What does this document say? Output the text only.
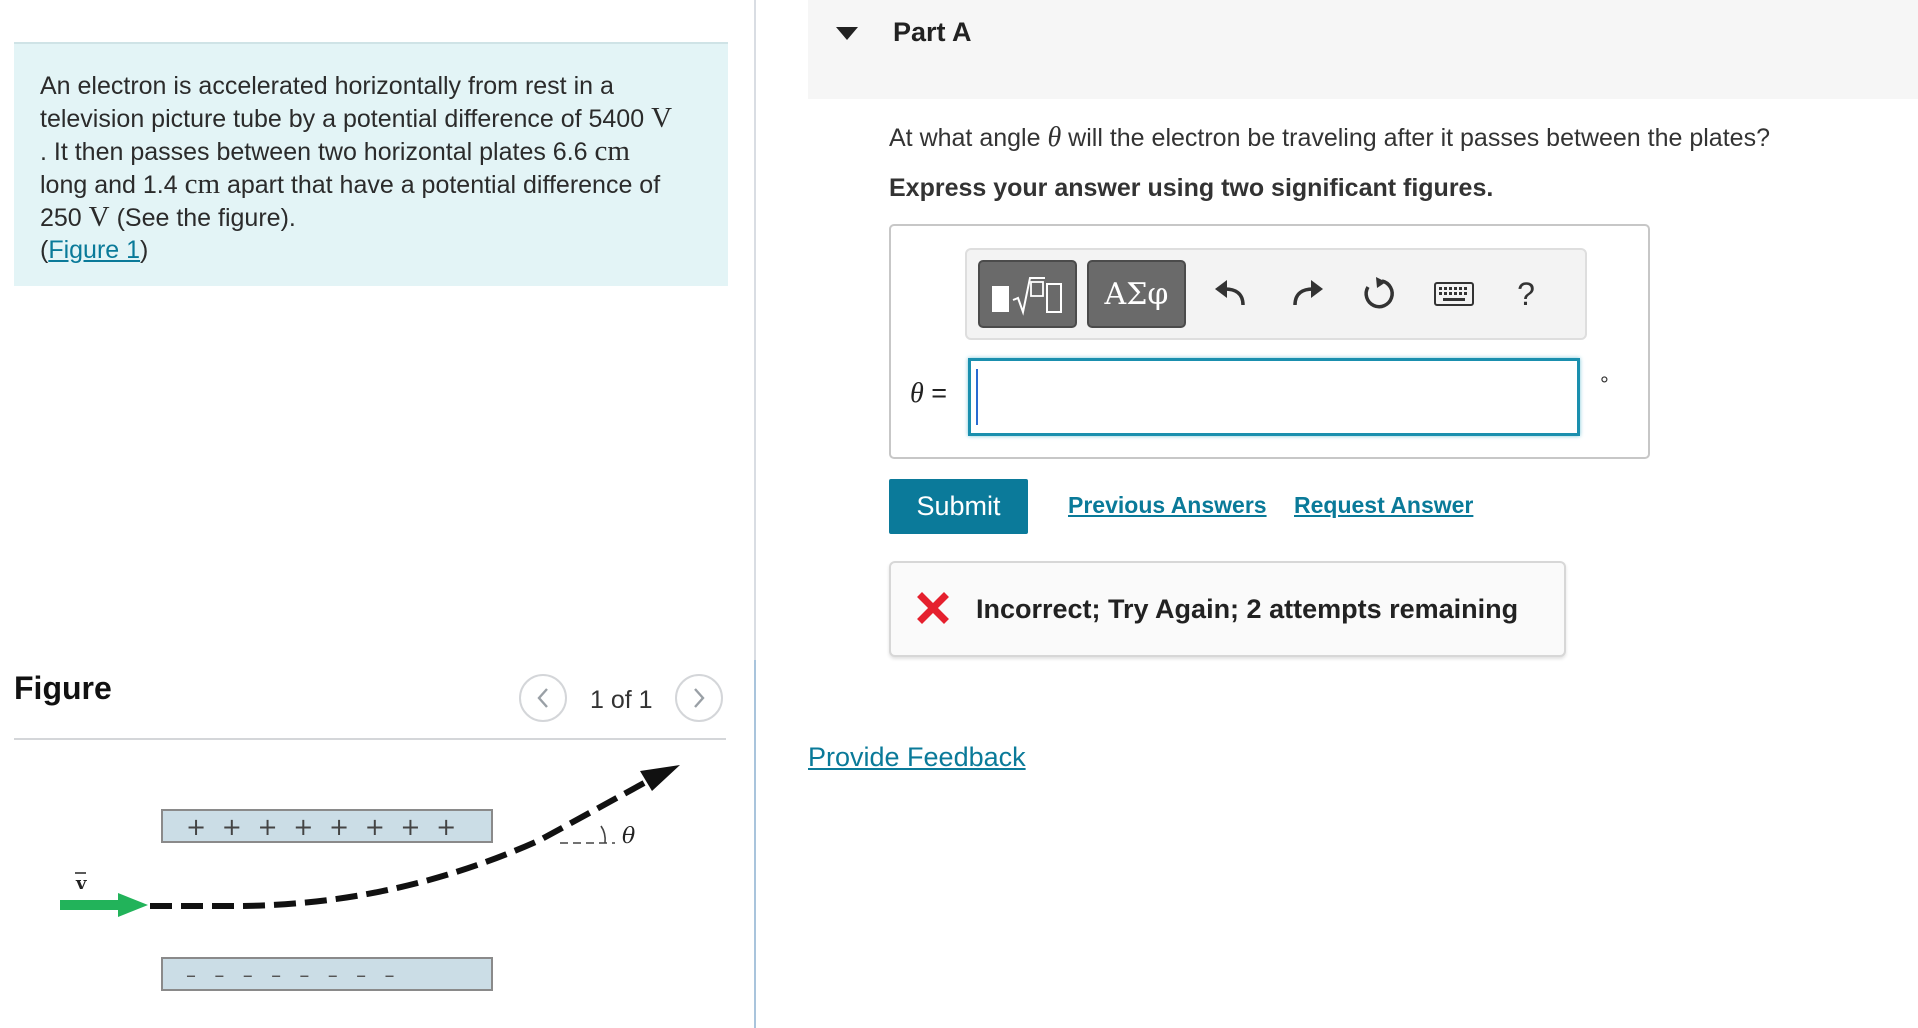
An electron is accelerated horizontally from rest in a television picture tube by a potential difference of 5400 V
. It then passes between two horizontal plates 6.6 cm
long and 1.4 cm apart that have a potential difference of 250 V (See the figure).
(Figure 1)
Figure	1 of 1
+ + + + + + + +
– – – – – – – –
v
θ
Part A
At what angle θ will the electron be traveling after it passes between the plates?
Express your answer using two significant figures.
ΑΣφ	?
θ =	°
Submit	Previous Answers Request Answer
Incorrect; Try Again; 2 attempts remaining
Provide Feedback
